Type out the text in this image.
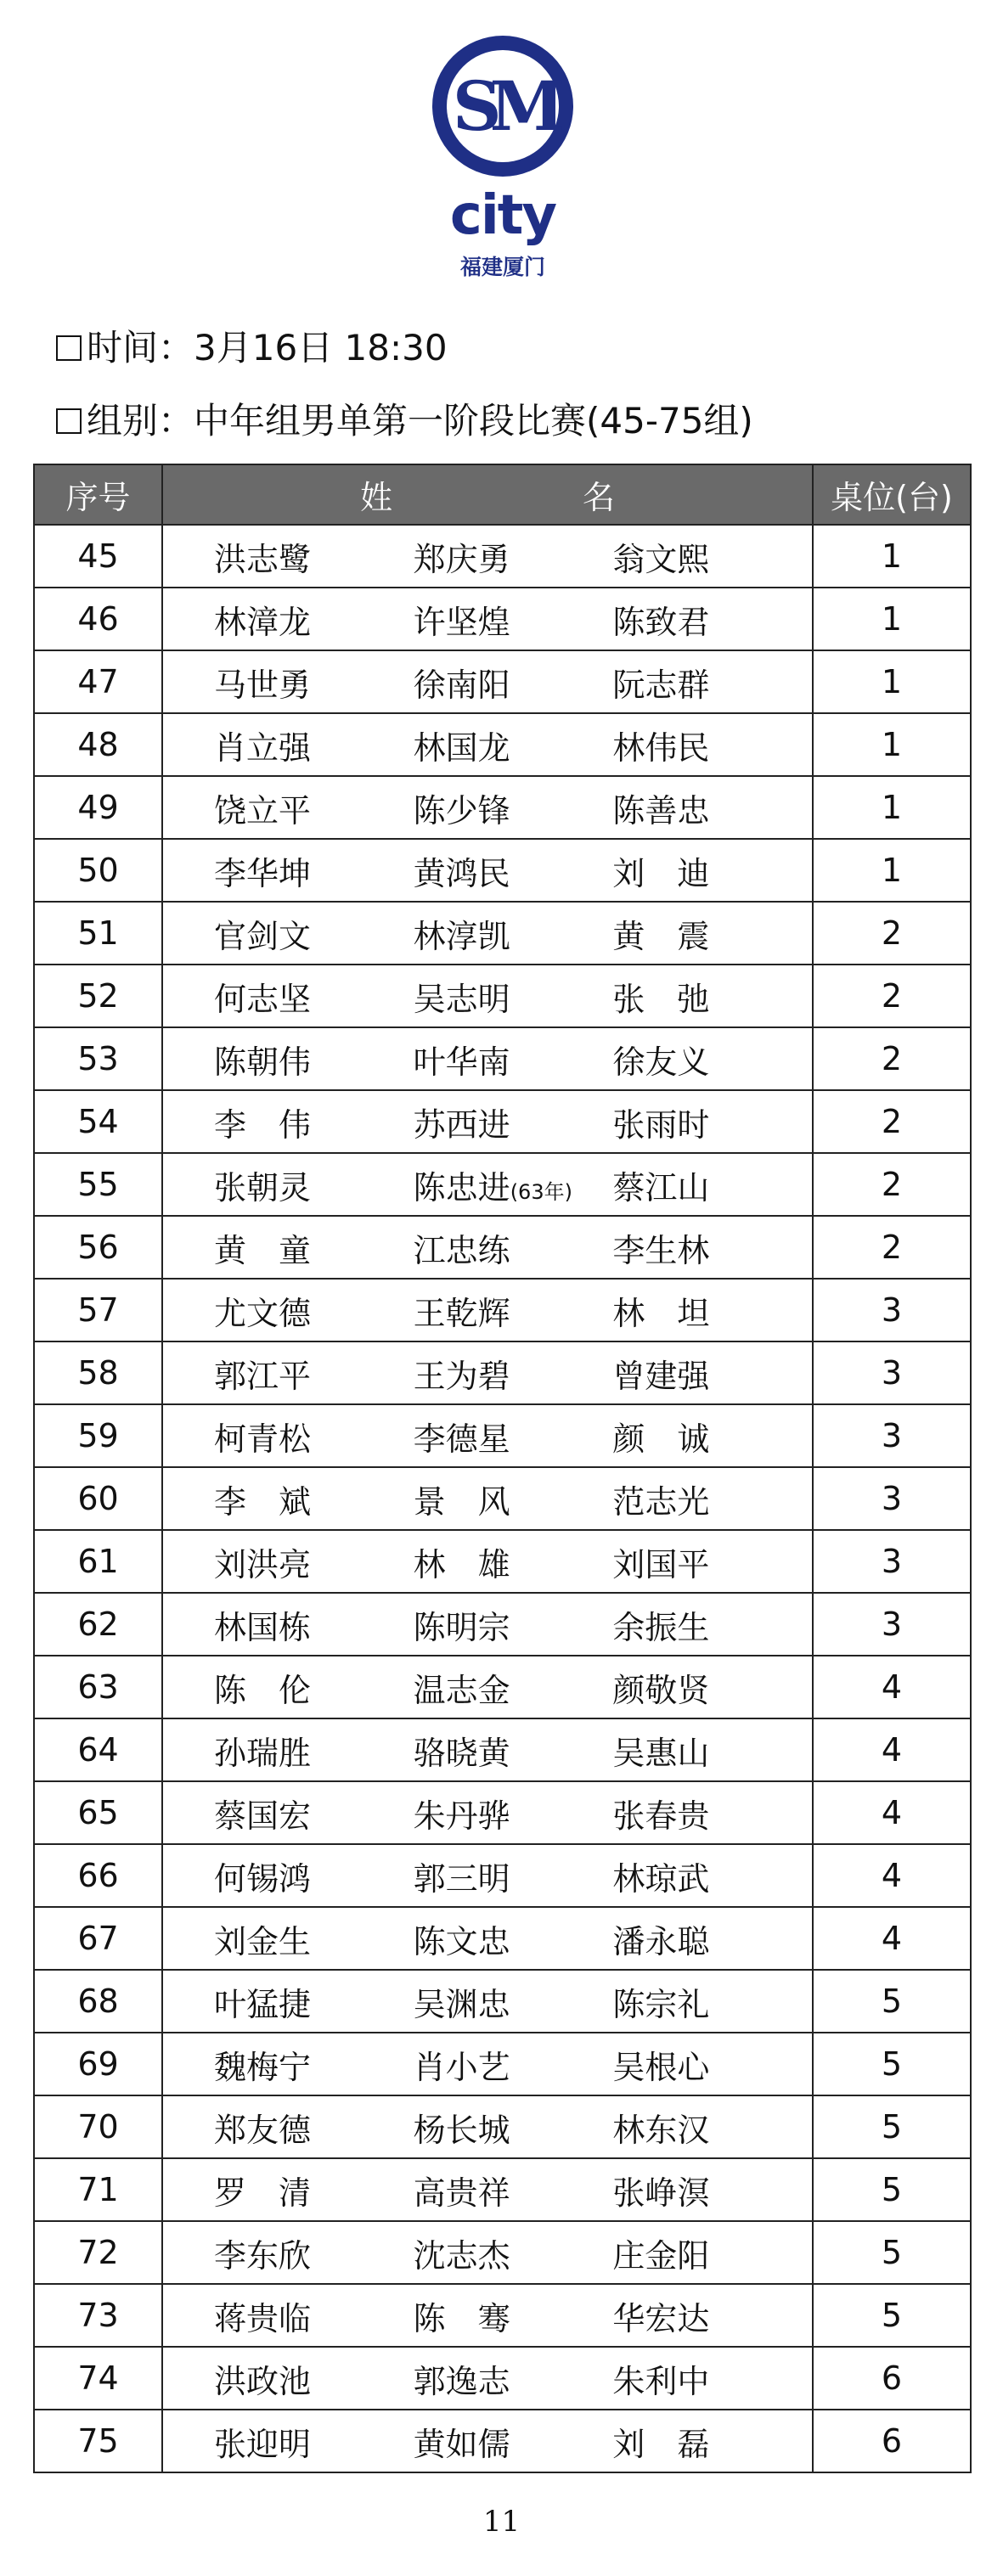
SM
city
福建厦门
时间：3月16日 18:30
组别：中年组男单第一阶段比赛(45-75组)
序号	姓 名	桌位(台)
45	洪志鹭 郑庆勇 翁文熙	1
46	林漳龙 许坚煌 陈致君	1
47	马世勇 徐南阳 阮志群	1
48	肖立强 林国龙 林伟民	1
49	饶立平 陈少锋 陈善忠	1
50	李华坤 黄鸿民 刘　迪	1
51	官剑文 林淳凯 黄　震	2
52	何志坚 吴志明 张　弛	2
53	陈朝伟 叶华南 徐友义	2
54	李　伟 苏西进 张雨时	2
55	张朝灵 陈忠进(63年) 蔡江山	2
56	黄　童 江忠练 李生林	2
57	尤文德 王乾辉 林　坦	3
58	郭江平 王为碧 曾建强	3
59	柯青松 李德星 颜　诚	3
60	李　斌 景　风 范志光	3
61	刘洪亮 林　雄 刘国平	3
62	林国栋 陈明宗 余振生	3
63	陈　伦 温志金 颜敬贤	4
64	孙瑞胜 骆晓黄 吴惠山	4
65	蔡国宏 朱丹骅 张春贵	4
66	何锡鸿 郭三明 林琼武	4
67	刘金生 陈文忠 潘永聪	4
68	叶猛捷 吴渊忠 陈宗礼	5
69	魏梅宁 肖小艺 吴根心	5
70	郑友德 杨长城 林东汉	5
71	罗　清 高贵祥 张峥溟	5
72	李东欣 沈志杰 庄金阳	5
73	蒋贵临 陈　骞 华宏达	5
74	洪政池 郭逸志 朱利中	6
75	张迎明 黄如儒 刘　磊	6
11
